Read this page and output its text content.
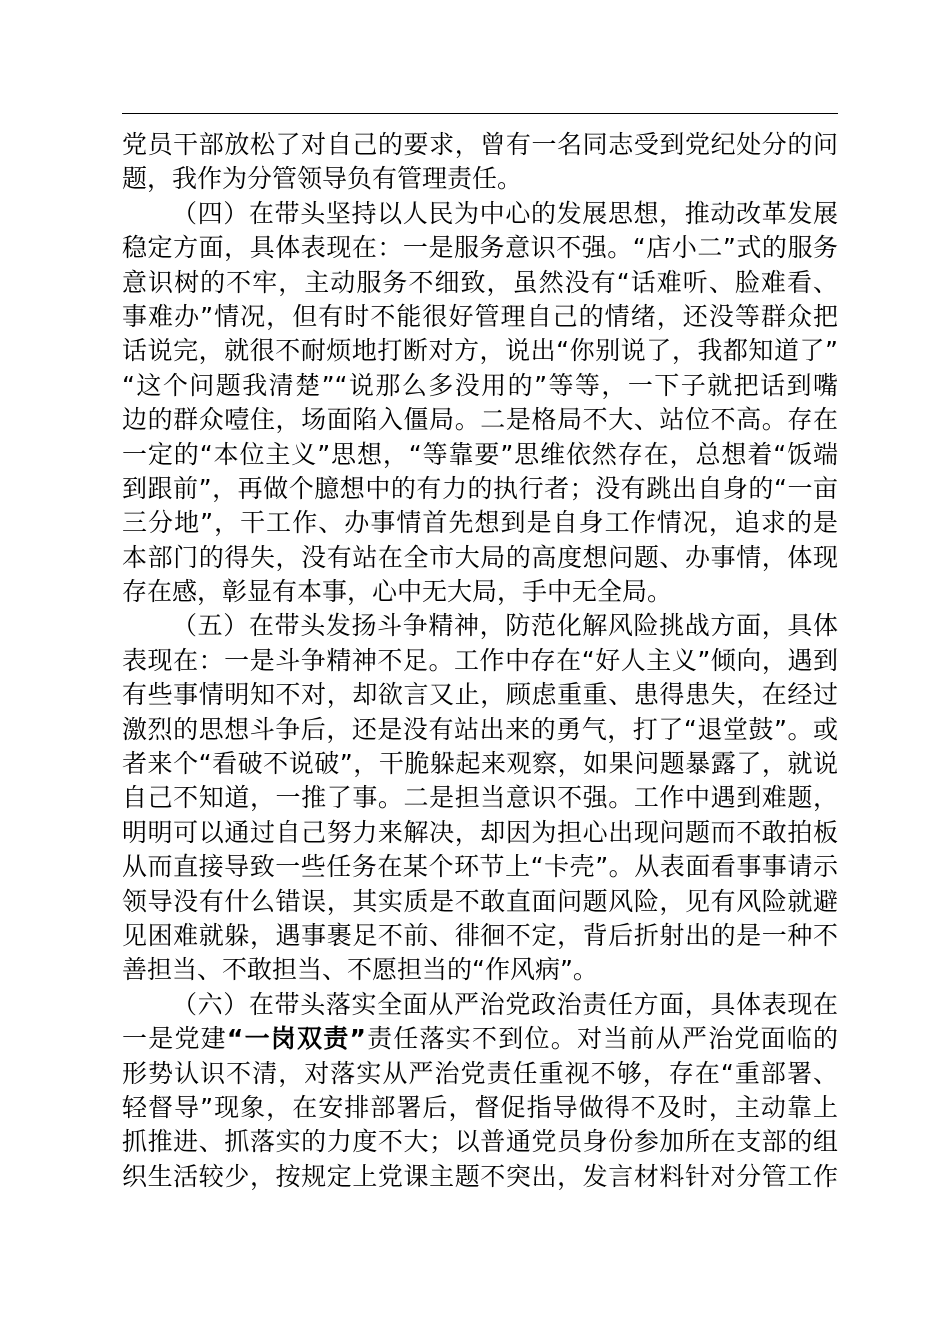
党员干部放松了对自己的要求，曾有一名同志受到党纪处分的问
题，我作为分管领导负有管理责任。
（四）在带头坚持以人民为中心的发展思想，推动改革发展
稳定方面，具体表现在：一是服务意识不强。“店小二”式的服务
意识树的不牢，主动服务不细致，虽然没有“话难听、脸难看、
事难办”情况，但有时不能很好管理自己的情绪，还没等群众把
话说完，就很不耐烦地打断对方，说出“你别说了，我都知道了”
“这个问题我清楚”“说那么多没用的”等等，一下子就把话到嘴
边的群众噎住，场面陷入僵局。二是格局不大、站位不高。存在
一定的“本位主义”思想，“等靠要”思维依然存在，总想着“饭端
到跟前”，再做个臆想中的有力的执行者；没有跳出自身的“一亩
三分地”，干工作、办事情首先想到是自身工作情况，追求的是
本部门的得失，没有站在全市大局的高度想问题、办事情，体现
存在感，彰显有本事，心中无大局，手中无全局。
（五）在带头发扬斗争精神，防范化解风险挑战方面，具体
表现在：一是斗争精神不足。工作中存在“好人主义”倾向，遇到
有些事情明知不对，却欲言又止，顾虑重重、患得患失，在经过
激烈的思想斗争后，还是没有站出来的勇气，打了“退堂鼓”。或
者来个“看破不说破”，干脆躲起来观察，如果问题暴露了，就说
自己不知道，一推了事。二是担当意识不强。工作中遇到难题，
明明可以通过自己努力来解决，却因为担心出现问题而不敢拍板
从而直接导致一些任务在某个环节上“卡壳”。从表面看事事请示
领导没有什么错误，其实质是不敢直面问题风险，见有风险就避
见困难就躲，遇事裹足不前、徘徊不定，背后折射出的是一种不
善担当、不敢担当、不愿担当的“作风病”。
（六）在带头落实全面从严治党政治责任方面，具体表现在
一是党建“一岗双责”责任落实不到位。对当前从严治党面临的
形势认识不清，对落实从严治党责任重视不够，存在“重部署、
轻督导”现象，在安排部署后，督促指导做得不及时，主动靠上
抓推进、抓落实的力度不大；以普通党员身份参加所在支部的组
织生活较少，按规定上党课主题不突出，发言材料针对分管工作
